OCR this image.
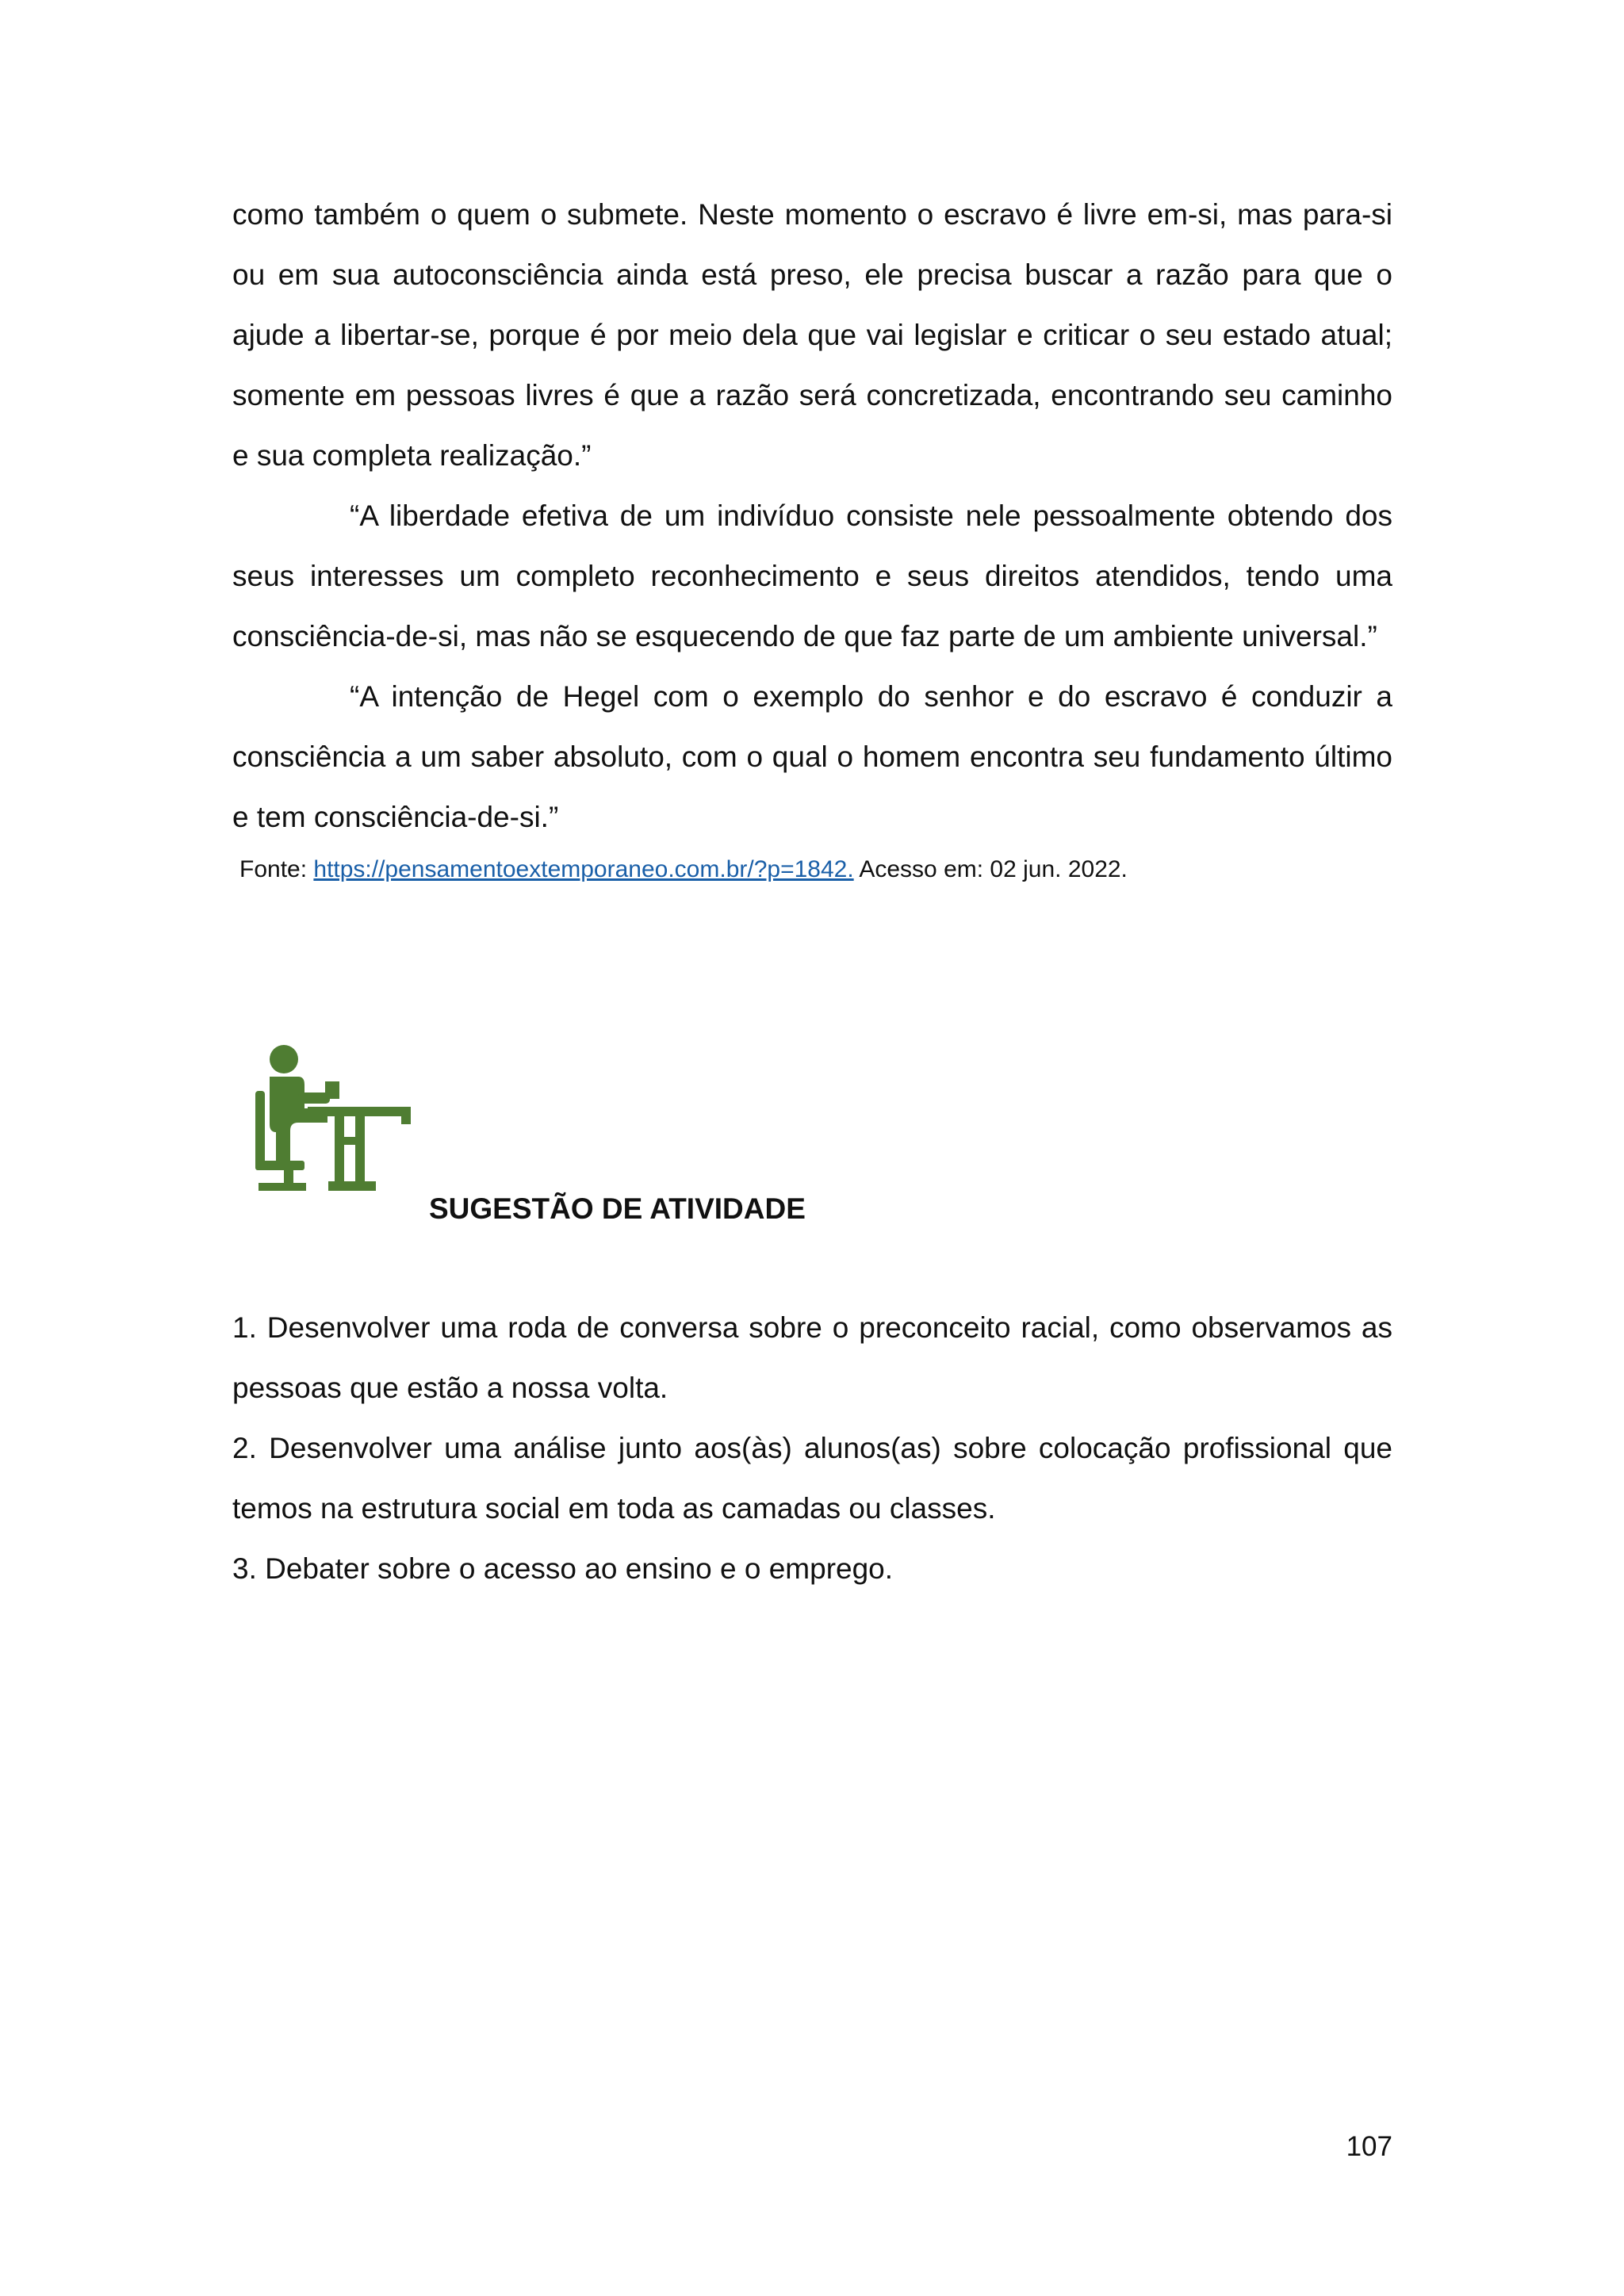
como também o quem o submete. Neste momento o escravo é livre em-si, mas para-si ou em sua autoconsciência ainda está preso, ele precisa buscar a razão para que o ajude a libertar-se, porque é por meio dela que vai legislar e criticar o seu estado atual; somente em pessoas livres é que a razão será concretizada, encontrando seu caminho e sua completa realização.”

“A liberdade efetiva de um indivíduo consiste nele pessoalmente obtendo dos seus interesses um completo reconhecimento e seus direitos atendidos, tendo uma consciência-de-si, mas não se esquecendo de que faz parte de um ambiente universal.”

“A intenção de Hegel com o exemplo do senhor e do escravo é conduzir a consciência a um saber absoluto, com o qual o homem encontra seu fundamento último e tem consciência-de-si.”

Fonte: https://pensamentoextemporaneo.com.br/?p=1842. Acesso em: 02 jun. 2022.
SUGESTÃO DE ATIVIDADE

1. Desenvolver uma roda de conversa sobre o preconceito racial, como observamos as pessoas que estão a nossa volta.

2. Desenvolver uma análise junto aos(às) alunos(as) sobre colocação profissional que temos na estrutura social em toda as camadas ou classes.

3. Debater sobre o acesso ao ensino e o emprego.

107
